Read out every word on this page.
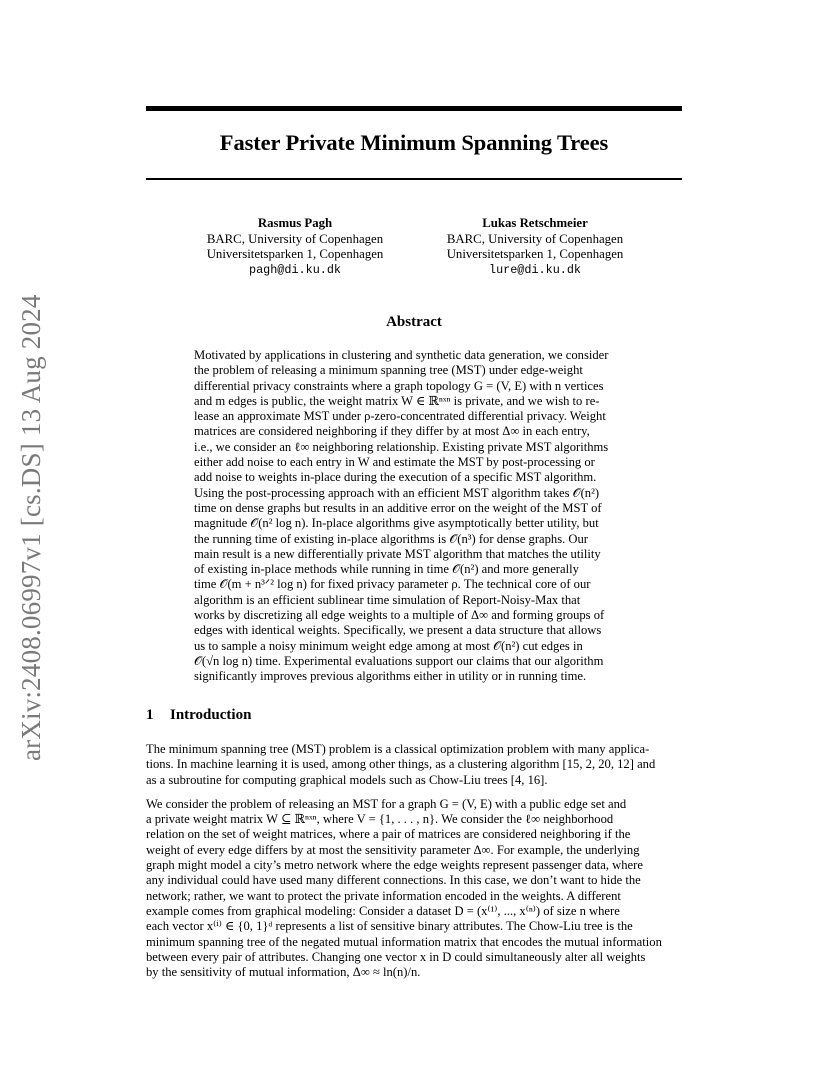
arXiv:2408.06997v1 [cs.DS] 13 Aug 2024
Faster Private Minimum Spanning Trees
Rasmus Pagh
BARC, University of Copenhagen
Universitetsparken 1, Copenhagen
pagh@di.ku.dk
Lukas Retschmeier
BARC, University of Copenhagen
Universitetsparken 1, Copenhagen
lure@di.ku.dk
Abstract
Motivated by applications in clustering and synthetic data generation, we consider
the problem of releasing a minimum spanning tree (MST) under edge-weight
differential privacy constraints where a graph topology G = (V, E) with n vertices
and m edges is public, the weight matrix W ∈ ℝⁿˣⁿ is private, and we wish to re-
lease an approximate MST under ρ-zero-concentrated differential privacy. Weight
matrices are considered neighboring if they differ by at most Δ∞ in each entry,
i.e., we consider an ℓ∞ neighboring relationship. Existing private MST algorithms
either add noise to each entry in W and estimate the MST by post-processing or
add noise to weights in-place during the execution of a specific MST algorithm.
Using the post-processing approach with an efficient MST algorithm takes 𝒪(n²)
time on dense graphs but results in an additive error on the weight of the MST of
magnitude 𝒪(n² log n). In-place algorithms give asymptotically better utility, but
the running time of existing in-place algorithms is 𝒪(n³) for dense graphs. Our
main result is a new differentially private MST algorithm that matches the utility
of existing in-place methods while running in time 𝒪(n²) and more generally
time 𝒪(m + n³ᐟ² log n) for fixed privacy parameter ρ. The technical core of our
algorithm is an efficient sublinear time simulation of Report-Noisy-Max that
works by discretizing all edge weights to a multiple of Δ∞ and forming groups of
edges with identical weights. Specifically, we present a data structure that allows
us to sample a noisy minimum weight edge among at most 𝒪(n²) cut edges in
𝒪(√n log n) time. Experimental evaluations support our claims that our algorithm
significantly improves previous algorithms either in utility or in running time.
1 Introduction

The minimum spanning tree (MST) problem is a classical optimization problem with many applica-
tions. In machine learning it is used, among other things, as a clustering algorithm [15, 2, 20, 12] and
as a subroutine for computing graphical models such as Chow-Liu trees [4, 16].

We consider the problem of releasing an MST for a graph G = (V, E) with a public edge set and
a private weight matrix W ⊆ ℝⁿˣⁿ, where V = {1, . . . , n}. We consider the ℓ∞ neighborhood
relation on the set of weight matrices, where a pair of matrices are considered neighboring if the
weight of every edge differs by at most the sensitivity parameter Δ∞. For example, the underlying
graph might model a city’s metro network where the edge weights represent passenger data, where
any individual could have used many different connections. In this case, we don’t want to hide the
network; rather, we want to protect the private information encoded in the weights. A different
example comes from graphical modeling: Consider a dataset D = (x⁽¹⁾, ..., x⁽ⁿ⁾) of size n where
each vector x⁽ⁱ⁾ ∈ {0, 1}ᵈ represents a list of sensitive binary attributes. The Chow-Liu tree is the
minimum spanning tree of the negated mutual information matrix that encodes the mutual information
between every pair of attributes. Changing one vector x in D could simultaneously alter all weights
by the sensitivity of mutual information, Δ∞ ≈ ln(n)/n.
